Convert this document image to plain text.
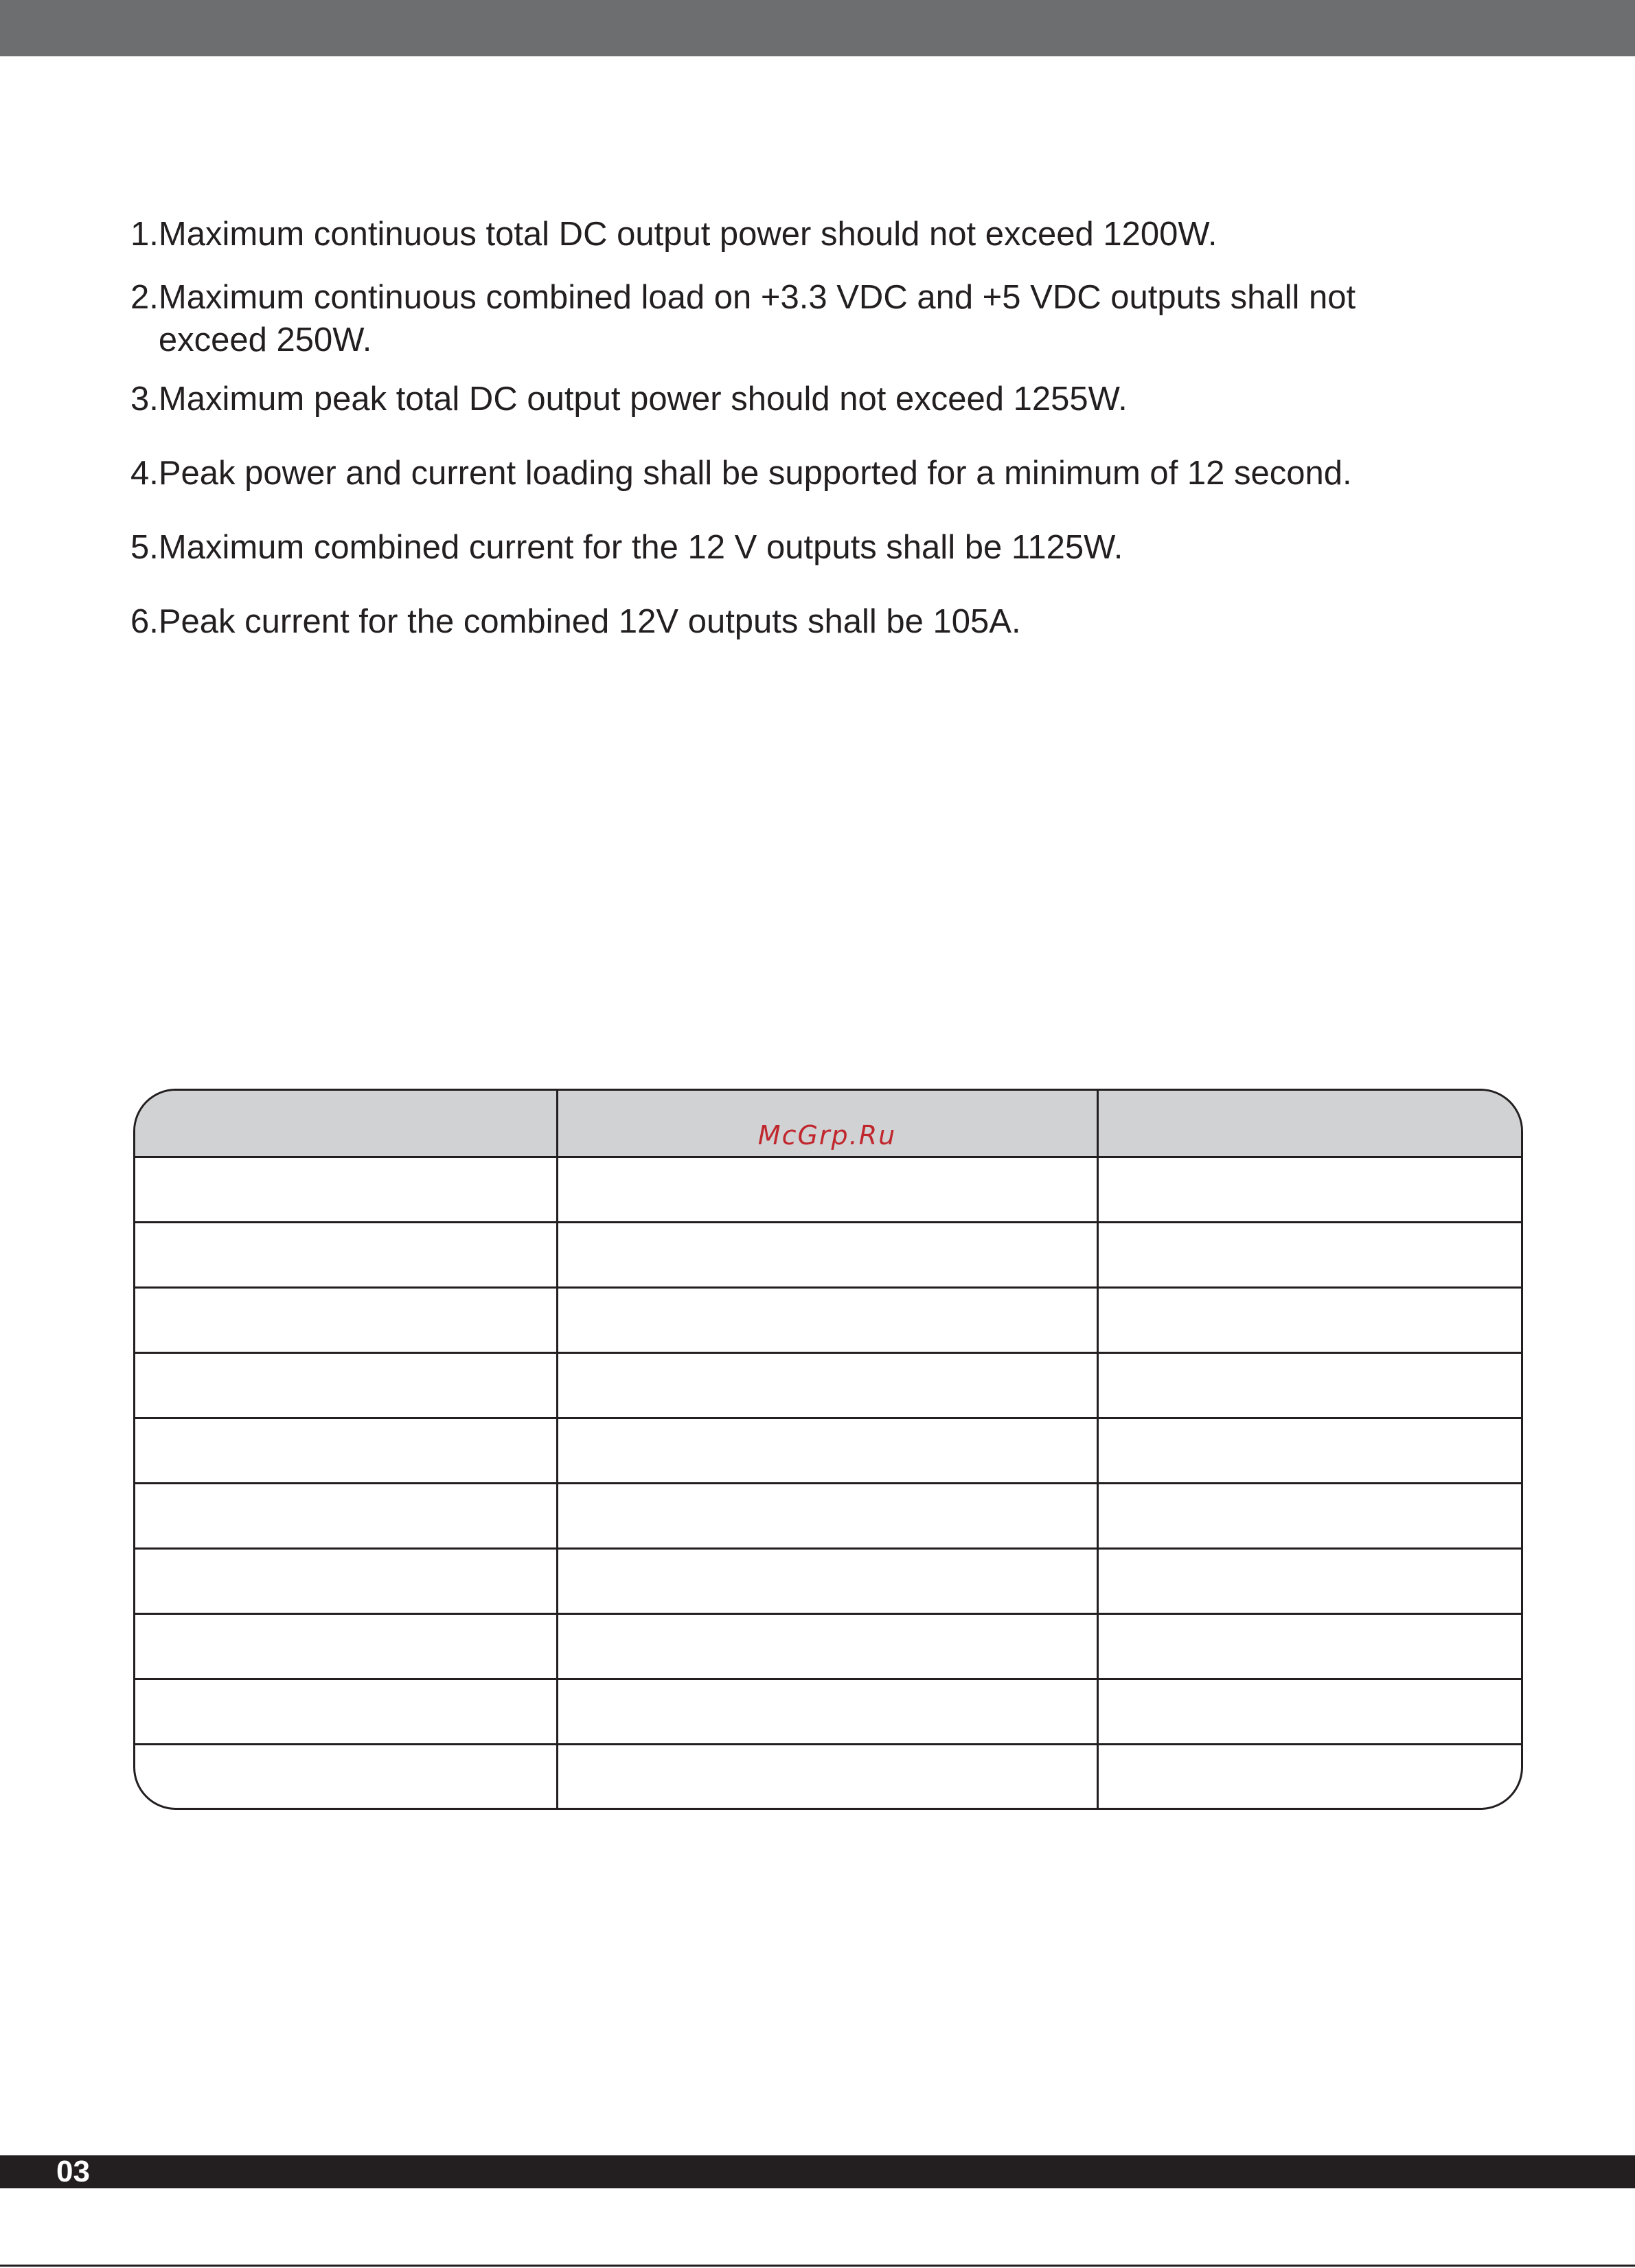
1.Maximum continuous total DC output power should not exceed 1200W.
2.Maximum continuous combined load on +3.3 VDC and +5 VDC outputs shall not exceed 250W.
3.Maximum peak total DC output power should not exceed 1255W.
4.Peak power and current loading shall be supported for a minimum of 12 second.
5.Maximum combined current for the 12 V outputs shall be 1125W.
6.Peak current for the combined 12V outputs shall be 105A.
	McGrp.Ru	

03
